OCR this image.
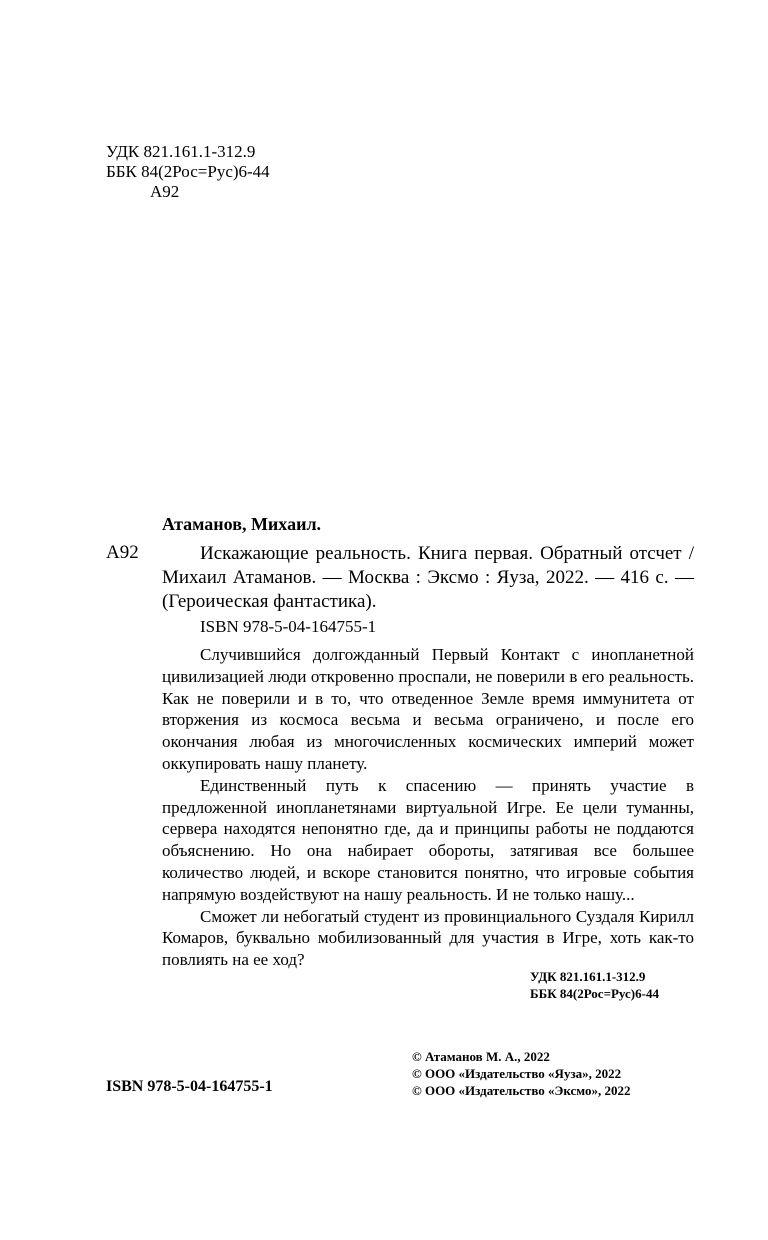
УДК 821.161.1-312.9
ББК 84(2Рос=Рус)6-44
А92
Атаманов, Михаил.
А92	Искажающие реальность. Книга первая. Обратный отсчет / Михаил Атаманов. — Москва : Эксмо : Яуза, 2022. — 416 с. — (Героическая фантастика).

ISBN 978-5-04-164755-1

Случившийся долгожданный Первый Контакт с инопланетной цивилизацией люди откровенно проспали, не поверили в его реальность. Как не поверили и в то, что отведенное Земле время иммунитета от вторжения из космоса весьма и весьма ограничено, и после его окончания любая из многочисленных космических империй может оккупировать нашу планету.

Единственный путь к спасению — принять участие в предложенной инопланетянами виртуальной Игре. Ее цели туманны, сервера находятся непонятно где, да и принципы работы не поддаются объяснению. Но она набирает обороты, затягивая все большее количество людей, и вскоре становится понятно, что игровые события напрямую воздействуют на нашу реальность. И не только нашу...

Сможет ли небогатый студент из провинциального Суздаля Кирилл Комаров, буквально мобилизованный для участия в Игре, хоть как-то повлиять на ее ход?

УДК 821.161.1-312.9
ББК 84(2Рос=Рус)6-44
© Атаманов М. А., 2022
© ООО «Издательство «Яуза», 2022
© ООО «Издательство «Эксмо», 2022
ISBN 978-5-04-164755-1
